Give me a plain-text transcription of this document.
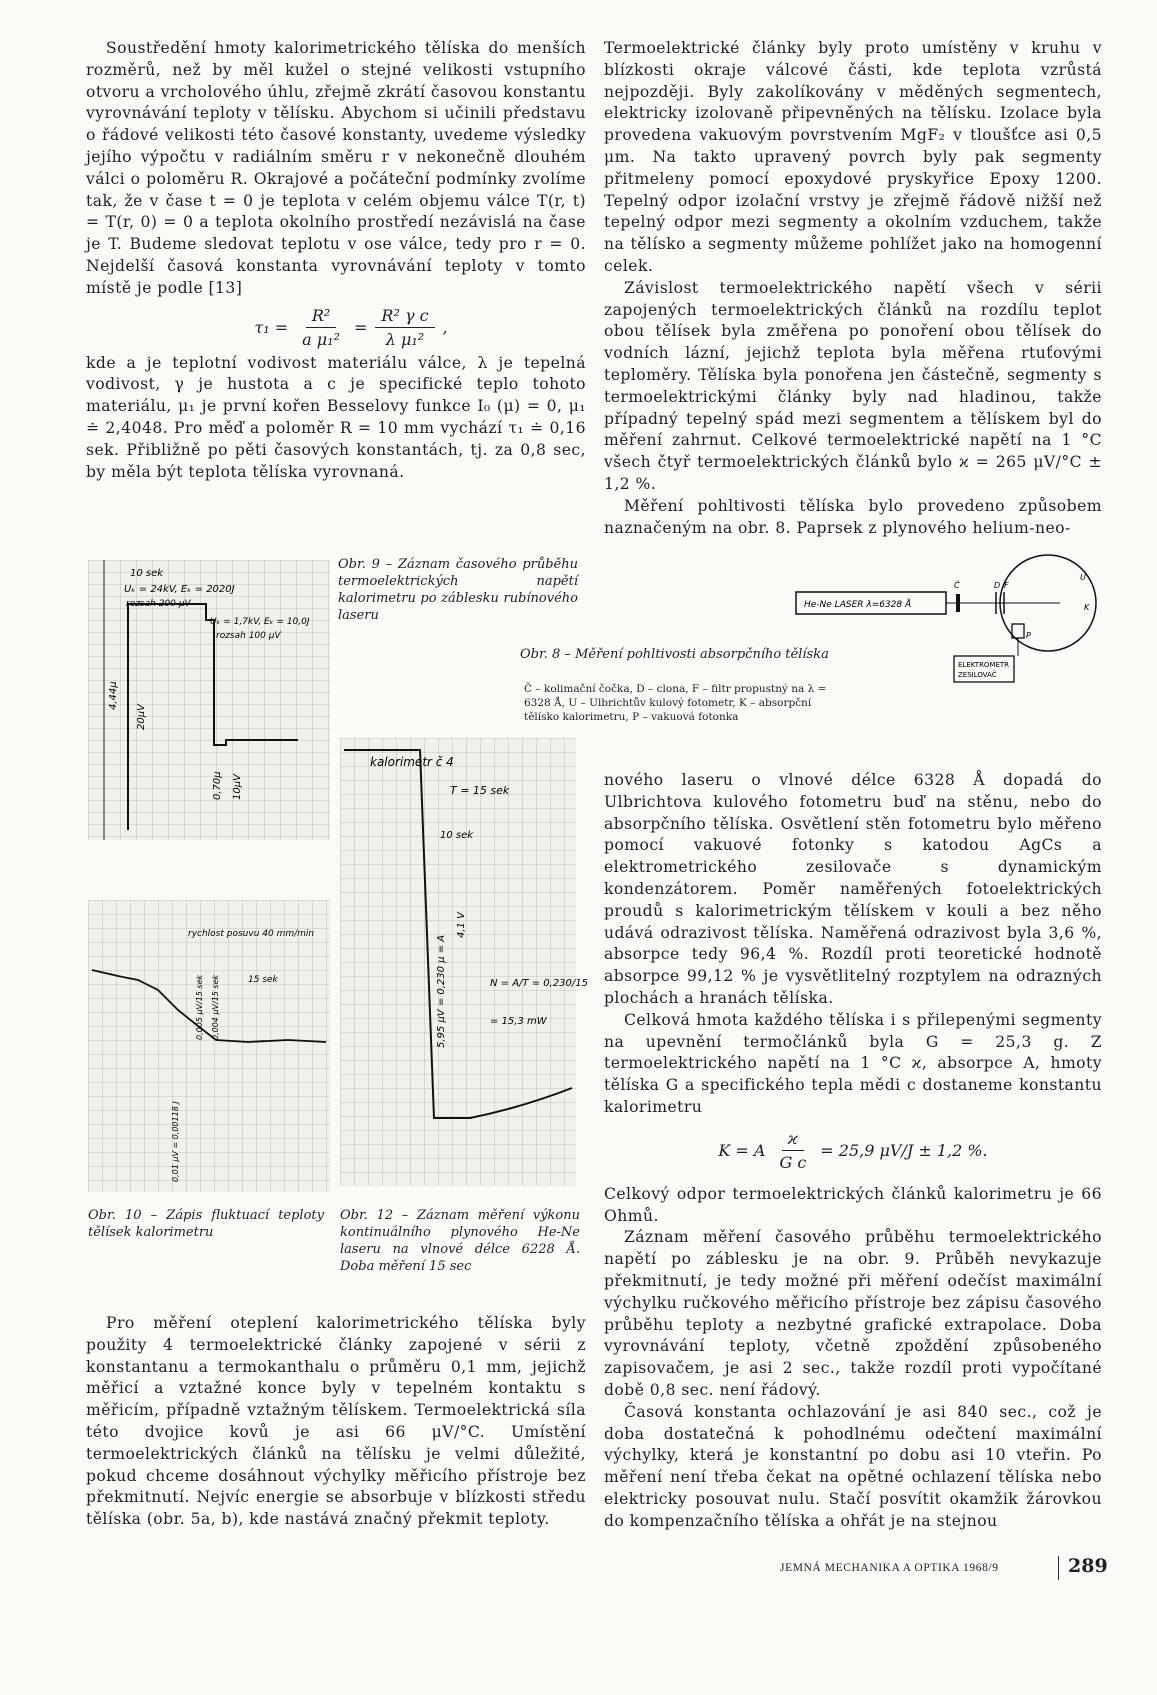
Soustředění hmoty kalorimetrického tělíska do menších rozměrů, než by měl kužel o stejné velikosti vstupního otvoru a vrcholového úhlu, zřejmě zkrátí časovou konstantu vyrovnávání teploty v tělísku. Abychom si učinili představu o řádové velikosti této časové konstanty, uvedeme výsledky jejího výpočtu v radiálním směru r v nekonečně dlouhém válci o poloměru R. Okrajové a počáteční podmínky zvolíme tak, že v čase t = 0 je teplota v celém objemu válce T(r, t) = T(r, 0) = 0 a teplota okolního prostředí nezávislá na čase je T. Budeme sledovat teplotu v ose válce, tedy pro r = 0. Nejdelší časová konstanta vyrovnávání teploty v tomto místě je podle [13]

$\tau_1 = \frac{\text{R²}}{\text{a μ₁²}} = \frac{\text{R² γ c}}{\text{λ μ₁²}}$ ,

kde a je teplotní vodivost materiálu válce, λ je tepelná vodivost, γ je hustota a c je specifické teplo tohoto materiálu, μ₁ je první kořen Besselovy funkce I₀ (μ) = 0, μ₁ ≐ 2,4048. Pro měď a poloměr R = 10 mm vychází τ₁ ≐ 0,16 sek. Přibližně po pěti časových konstantách, tj. za 0,8 sec, by měla být teplota tělíska vyrovnaná.

Pro měření oteplení kalorimetrického tělíska byly použity 4 termoelektrické články zapojené v sérii z konstantanu a termokanthalu o průměru 0,1 mm, jejichž měřicí a vztažné konce byly v tepelném kontaktu s měřicím, případně vztažným tělískem. Termoelektrická síla této dvojice kovů je asi 66 μV/°C. Umístění termoelektrických článků na tělísku je velmi důležité, pokud chceme dosáhnout výchylky měřicího přístroje bez překmitnutí. Nejvíc energie se absorbuje v blízkosti středu tělíska (obr. 5a, b), kde nastává značný překmit teploty.

Termoelektrické články byly proto umístěny v kruhu v blízkosti okraje válcové části, kde teplota vzrůstá nejpozději. Byly zakolíkovány v měděných segmentech, elektricky izolovaně připevněných na tělísku. Izolace byla provedena vakuovým povrstvením MgF₂ v tloušťce asi 0,5 μm. Na takto upravený povrch byly pak segmenty přitmeleny pomocí epoxydové pryskyřice Epoxy 1200. Tepelný odpor izolační vrstvy je zřejmě řádově nižší než tepelný odpor mezi segmenty a okolním vzduchem, takže na tělísko a segmenty můžeme pohlížet jako na homogenní celek.

Závislost termoelektrického napětí všech v sérii zapojených termoelektrických článků na rozdílu teplot obou tělísek byla změřena po ponoření obou tělísek do vodních lázní, jejichž teplota byla měřena rtuťovými teploměry. Tělíska byla ponořena jen částečně, segmenty s termoelektrickými články byly nad hladinou, takže případný tepelný spád mezi segmentem a tělískem byl do měření zahrnut. Celkové termoelektrické napětí na 1 °C všech čtyř termoelektrických článků bylo ϰ = 265 μV/°C ± 1,2 %.

Měření pohltivosti tělíska bylo provedeno způsobem naznačeným na obr. 8. Paprsek z plynového helium-neo-

nového laseru o vlnové délce 6328 Å dopadá do Ulbrichtova kulového fotometru buď na stěnu, nebo do absorpčního tělíska. Osvětlení stěn fotometru bylo měřeno pomocí vakuové fotonky s katodou AgCs a elektrometrického zesilovače s dynamickým kondenzátorem. Poměr naměřených fotoelektrických proudů s kalorimetrickým tělískem v kouli a bez něho udává odrazivost tělíska. Naměřená odrazivost byla 3,6 %, absorpce tedy 96,4 %. Rozdíl proti teoretické hodnotě absorpce 99,12 % je vysvětlitelný rozptylem na odrazných plochách a hranách tělíska.

Celková hmota každého tělíska i s přilepenými segmenty na upevnění termočlánků byla G = 25,3 g. Z termoelektrického napětí na 1 °C ϰ, absorpce A, hmoty tělíska G a specifického tepla mědi c dostaneme konstantu kalorimetru

K = A $\frac{ϰ}{\text{G c}} = 25,9$ μV/J ± 1,2 %.

Celkový odpor termoelektrických článků kalorimetru je 66 Ohmů.

Záznam měření časového průběhu termoelektrického napětí po záblesku je na obr. 9. Průběh nevykazuje překmitnutí, je tedy možné při měření odečíst maximální výchylku ručkového měřicího přístroje bez zápisu časového průběhu teploty a nezbytné grafické extrapolace. Doba vyrovnávání teploty, včetně zpoždění způsobeného zapisovačem, je asi 2 sec., takže rozdíl proti vypočítané době 0,8 sec. není řádový.

Časová konstanta ochlazování je asi 840 sec., což je doba dostatečná k pohodlnému odečtení maximální výchylky, která je konstantní po dobu asi 10 vteřin. Po měření není třeba čekat na opětné ochlazení tělíska nebo elektricky posouvat nulu. Stačí posvítit okamžik žárovkou do kompenzačního tělíska a ohřát je na stejnou

10 sek
Uₖ = 24kV, Eₖ = 2020J
rozsah 200 μV
Uₖ = 1,7kV, Eₖ = 10,0J
rozsah 100 μV
4,44μ
20μV
0,70μ 10μV
Obr. 9 – Záznam časového průběhu termoelektrických napětí kalorimetru po záblesku rubínového laseru
He-Ne LASER λ=6328 Å
ELEKTROMETR
ZESILOVAČ
Č	D F
U
K
P
Obr. 8 – Měření pohltivosti absorpčního tělíska
Č – kolimační čočka, D – clona, F – filtr propustný na λ = 6328 Å, U – Ulbrichtův kulový fotometr, K – absorpční tělísko kalorimetru, P – vakuová fotonka
kalorimetr č 4
T = 15 sek
10 sek
5,95 μV = 0,230 μ = A
4,1 V
N = A/T = 0,230/15
= 15,3 mW
rychlost posuvu 40 mm/min
15 sek
0,005 μV/15 sek 0,004 μV/15 sek
0,01 μV = 0,00118 J
Obr. 10 – Zápis fluktuací teploty tělísek kalorimetru
Obr. 12 – Záznam měření výkonu kontinuálního plynového He-Ne laseru na vlnové délce 6228 Å. Doba měření 15 sec
JEMNÁ MECHANIKA A OPTIKA 1968/9	289
